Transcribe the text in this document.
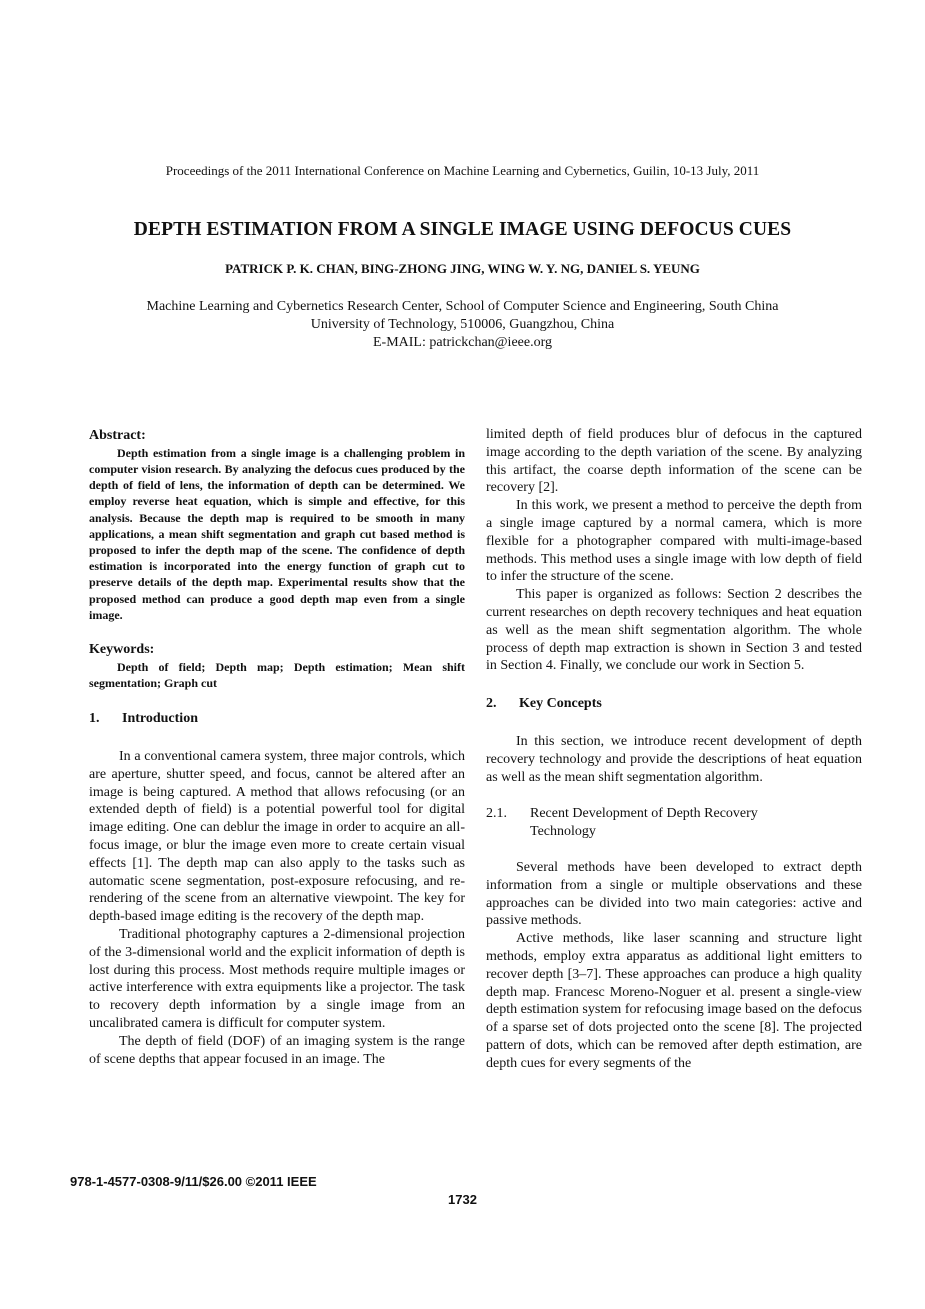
Proceedings of the 2011 International Conference on Machine Learning and Cybernetics, Guilin, 10-13 July, 2011
DEPTH ESTIMATION FROM A SINGLE IMAGE USING DEFOCUS CUES
PATRICK P. K. CHAN, BING-ZHONG JING, WING W. Y. NG, DANIEL S. YEUNG
Machine Learning and Cybernetics Research Center, School of Computer Science and Engineering, South China
University of Technology, 510006, Guangzhou, China
E-MAIL: patrickchan@ieee.org

Abstract:

Depth estimation from a single image is a challenging problem in computer vision research. By analyzing the defocus cues produced by the depth of field of lens, the information of depth can be determined. We employ reverse heat equation, which is simple and effective, for this analysis. Because the depth map is required to be smooth in many applications, a mean shift segmentation and graph cut based method is proposed to infer the depth map of the scene. The confidence of depth estimation is incorporated into the energy function of graph cut to preserve details of the depth map. Experimental results show that the proposed method can produce a good depth map even from a single image.

Keywords:

Depth of field; Depth map; Depth estimation; Mean shift segmentation; Graph cut

1.	Introduction

In a conventional camera system, three major controls, which are aperture, shutter speed, and focus, cannot be altered after an image is being captured. A method that allows refocusing (or an extended depth of field) is a potential powerful tool for digital image editing. One can deblur the image in order to acquire an all-focus image, or blur the image even more to create certain visual effects [1]. The depth map can also apply to the tasks such as automatic scene segmentation, post-exposure refocusing, and re-rendering of the scene from an alternative viewpoint. The key for depth-based image editing is the recovery of the depth map.

Traditional photography captures a 2-dimensional projection of the 3-dimensional world and the explicit information of depth is lost during this process. Most methods require multiple images or active interference with extra equipments like a projector. The task to recovery depth information by a single image from an uncalibrated camera is difficult for computer system.

The depth of field (DOF) of an imaging system is the range of scene depths that appear focused in an image. The

limited depth of field produces blur of defocus in the captured image according to the depth variation of the scene. By analyzing this artifact, the coarse depth information of the scene can be recovery [2].

In this work, we present a method to perceive the depth from a single image captured by a normal camera, which is more flexible for a photographer compared with multi-image-based methods. This method uses a single image with low depth of field to infer the structure of the scene.

This paper is organized as follows: Section 2 describes the current researches on depth recovery techniques and heat equation as well as the mean shift segmentation algorithm. The whole process of depth map extraction is shown in Section 3 and tested in Section 4. Finally, we conclude our work in Section 5.

2.	Key Concepts

In this section, we introduce recent development of depth recovery technology and provide the descriptions of heat equation as well as the mean shift segmentation algorithm.

2.1.	Recent Development of Depth Recovery
Technology

Several methods have been developed to extract depth information from a single or multiple observations and these approaches can be divided into two main categories: active and passive methods.

Active methods, like laser scanning and structure light methods, employ extra apparatus as additional light emitters to recover depth [3–7]. These approaches can produce a high quality depth map. Francesc Moreno-Noguer et al. present a single-view depth estimation system for refocusing image based on the defocus of a sparse set of dots projected onto the scene [8]. The projected pattern of dots, which can be removed after depth estimation, are depth cues for every segments of the

978-1-4577-0308-9/11/$26.00 ©2011 IEEE
1732
